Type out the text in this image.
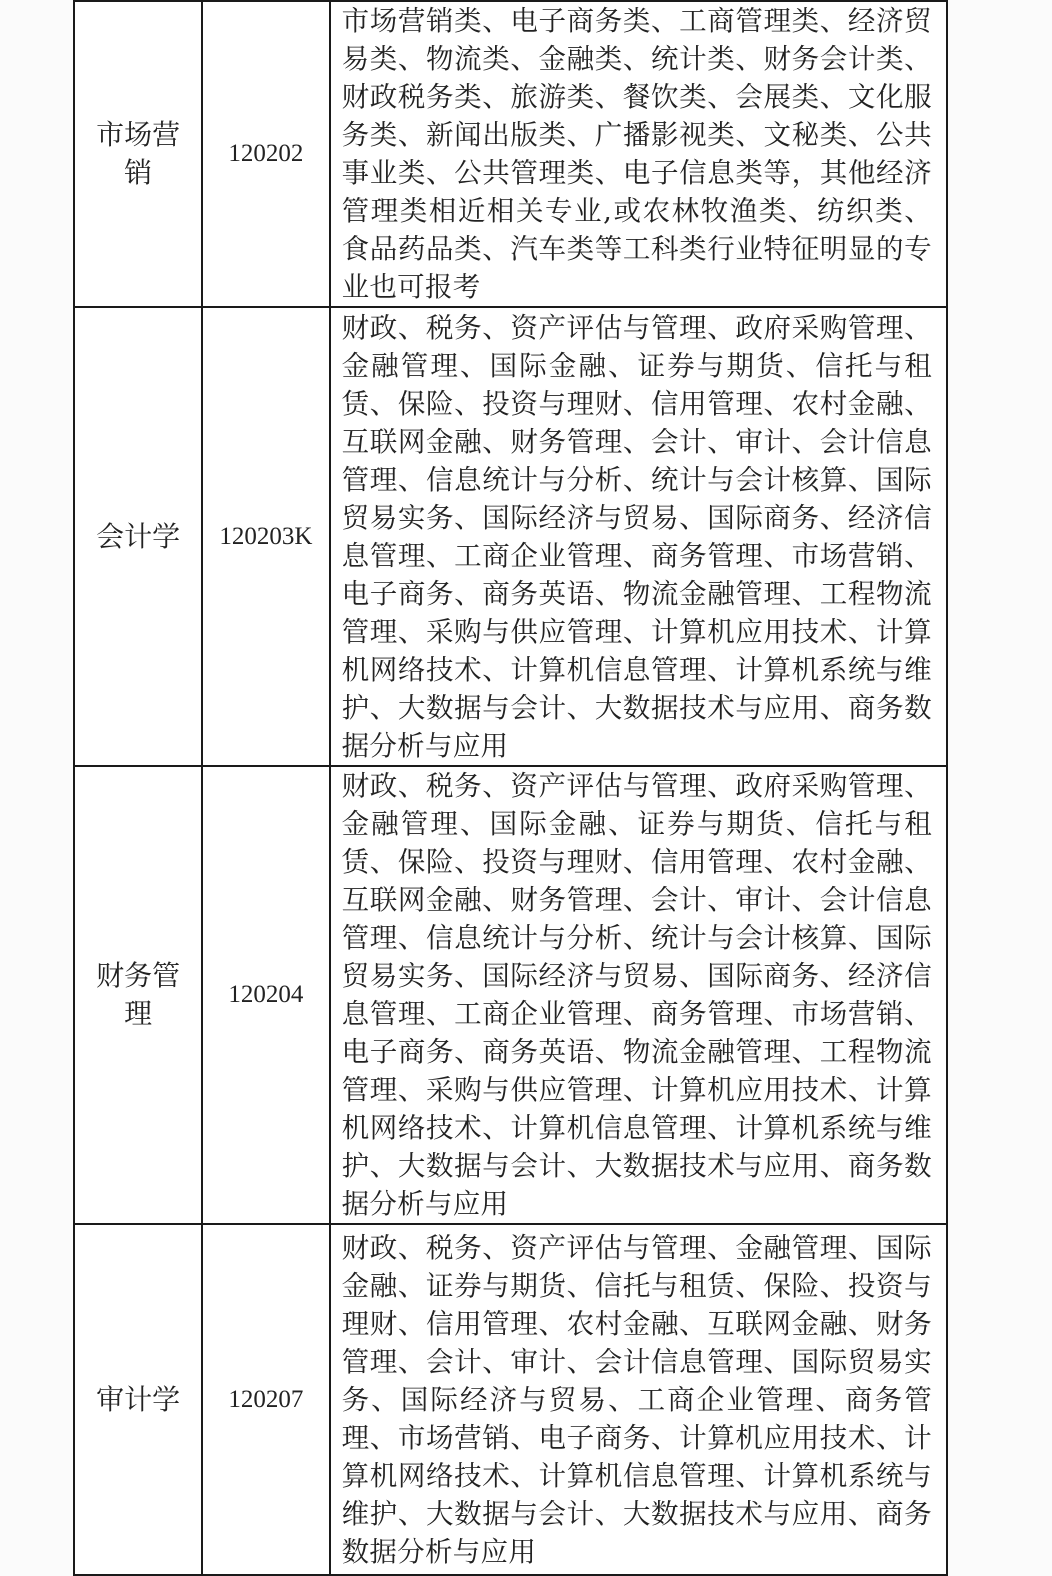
市场营销	120202	市场营销类、电子商务类、工商管理类、经济贸易类、物流类、金融类、统计类、财务会计类、财政税务类、旅游类、餐饮类、会展类、文化服务类、新闻出版类、广播影视类、文秘类、公共事业类、公共管理类、电子信息类等，其他经济管理类相近相关专业,或农林牧渔类、纺织类、食品药品类、汽车类等工科类行业特征明显的专业也可报考

会计学	120203K	财政、税务、资产评估与管理、政府采购管理、金融管理、国际金融、证券与期货、信托与租赁、保险、投资与理财、信用管理、农村金融、互联网金融、财务管理、会计、审计、会计信息管理、信息统计与分析、统计与会计核算、国际贸易实务、国际经济与贸易、国际商务、经济信息管理、工商企业管理、商务管理、市场营销、电子商务、商务英语、物流金融管理、工程物流管理、采购与供应管理、计算机应用技术、计算机网络技术、计算机信息管理、计算机系统与维护、大数据与会计、大数据技术与应用、商务数据分析与应用

财务管理	120204	财政、税务、资产评估与管理、政府采购管理、金融管理、国际金融、证券与期货、信托与租赁、保险、投资与理财、信用管理、农村金融、互联网金融、财务管理、会计、审计、会计信息管理、信息统计与分析、统计与会计核算、国际贸易实务、国际经济与贸易、国际商务、经济信息管理、工商企业管理、商务管理、市场营销、电子商务、商务英语、物流金融管理、工程物流管理、采购与供应管理、计算机应用技术、计算机网络技术、计算机信息管理、计算机系统与维护、大数据与会计、大数据技术与应用、商务数据分析与应用

审计学	120207	财政、税务、资产评估与管理、金融管理、国际金融、证券与期货、信托与租赁、保险、投资与理财、信用管理、农村金融、互联网金融、财务管理、会计、审计、会计信息管理、国际贸易实务、国际经济与贸易、工商企业管理、商务管理、市场营销、电子商务、计算机应用技术、计算机网络技术、计算机信息管理、计算机系统与维护、大数据与会计、大数据技术与应用、商务数据分析与应用
